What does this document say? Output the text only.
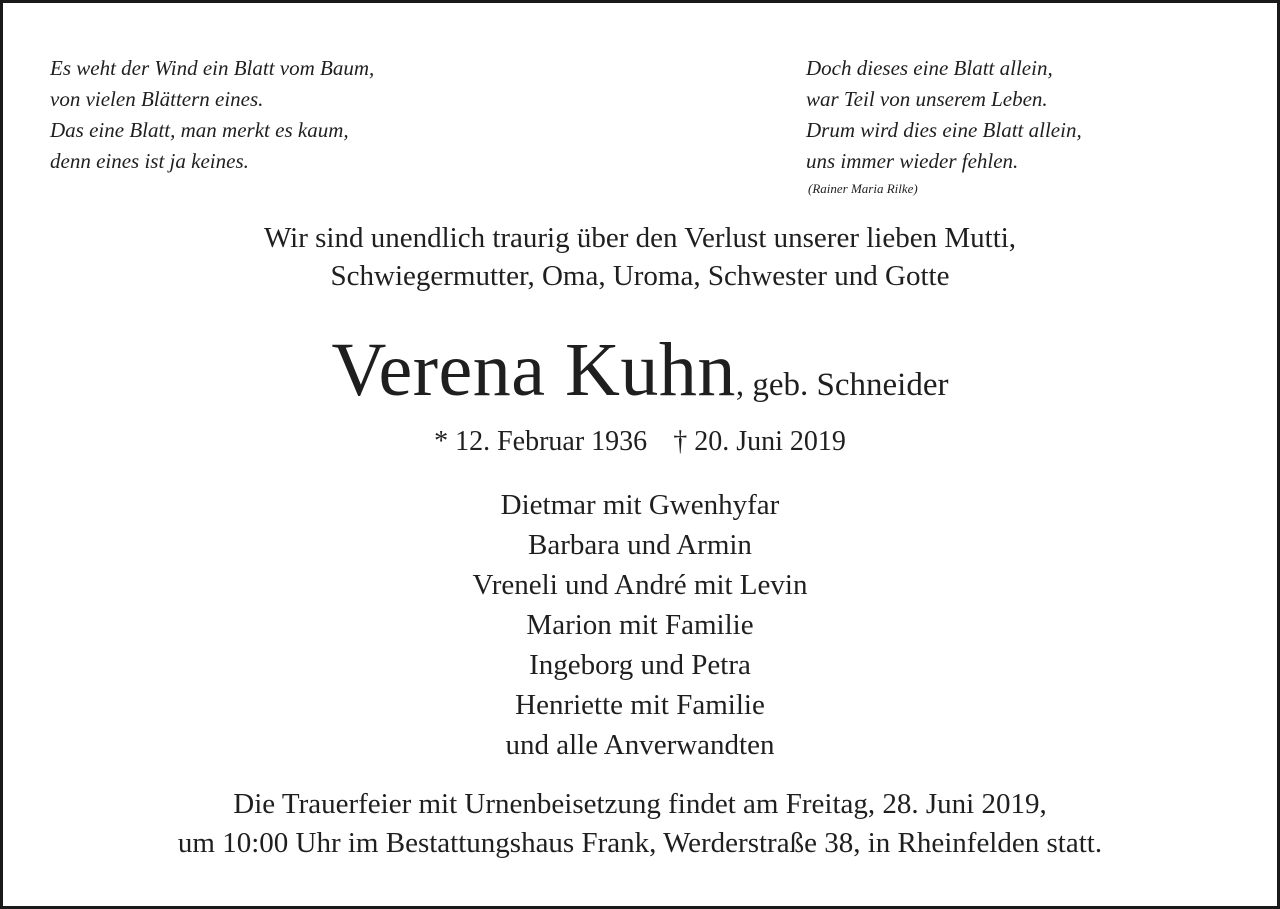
Es weht der Wind ein Blatt vom Baum,
von vielen Blättern eines.
Das eine Blatt, man merkt es kaum,
denn eines ist ja keines.
Doch dieses eine Blatt allein,
war Teil von unserem Leben.
Drum wird dies eine Blatt allein,
uns immer wieder fehlen.
(Rainer Maria Rilke)
Wir sind unendlich traurig über den Verlust unserer lieben Mutti,
Schwiegermutter, Oma, Uroma, Schwester und Gotte
Verena Kuhn, geb. Schneider
* 12. Februar 1936 † 20. Juni 2019
Dietmar mit Gwenhyfar
Barbara und Armin
Vreneli und André mit Levin
Marion mit Familie
Ingeborg und Petra
Henriette mit Familie
und alle Anverwandten
Die Trauerfeier mit Urnenbeisetzung findet am Freitag, 28. Juni 2019,
um 10:00 Uhr im Bestattungshaus Frank, Werderstraße 38, in Rheinfelden statt.
